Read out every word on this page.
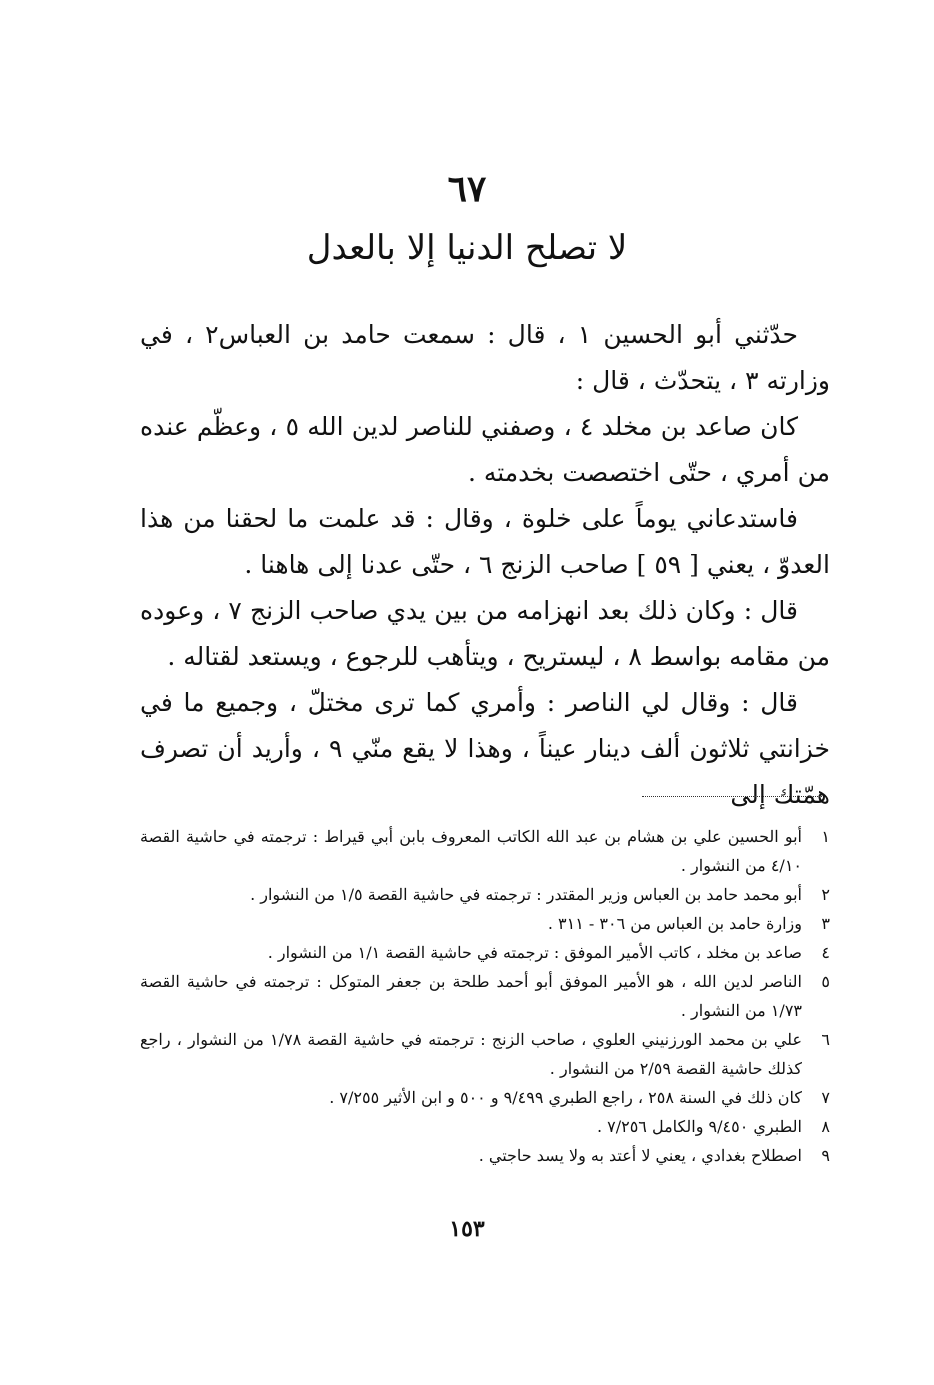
٦٧
لا تصلح الدنيا إلا بالعدل

حدّثني أبو الحسين ١ ، قال : سمعت حامد بن العباس٢ ، في وزارته ٣ ، يتحدّث ، قال :

كان صاعد بن مخلد ٤ ، وصفني للناصر لدين الله ٥ ، وعظّم عنده من أمري ، حتّى اختصصت بخدمته .

فاستدعاني يوماً على خلوة ، وقال : قد علمت ما لحقنا من هذا العدوّ ، يعني [ ٥٩ ] صاحب الزنج ٦ ، حتّى عدنا إلى هاهنا .

قال : وكان ذلك بعد انهزامه من بين يدي صاحب الزنج ٧ ، وعوده من مقامه بواسط ٨ ، ليستريح ، ويتأهب للرجوع ، ويستعد لقتاله .

قال : وقال لي الناصر : وأمري كما ترى مختلّ ، وجميع ما في خزانتي ثلاثون ألف دينار عيناً ، وهذا لا يقع منّي ٩ ، وأريد أن تصرف همّتك إلى

١
أبو الحسين علي بن هشام بن عبد الله الكاتب المعروف بابن أبي قيراط : ترجمته في حاشية القصة ٤/١٠ من النشوار .
٢
أبو محمد حامد بن العباس وزير المقتدر : ترجمته في حاشية القصة ١/٥ من النشوار .
٣
وزارة حامد بن العباس من ٣٠٦ - ٣١١ .
٤
صاعد بن مخلد ، كاتب الأمير الموفق : ترجمته في حاشية القصة ١/١ من النشوار .
٥
الناصر لدين الله ، هو الأمير الموفق أبو أحمد طلحة بن جعفر المتوكل : ترجمته في حاشية القصة ١/٧٣ من النشوار .
٦
علي بن محمد الورزنيني العلوي ، صاحب الزنج : ترجمته في حاشية القصة ١/٧٨ من النشوار ، راجع كذلك حاشية القصة ٢/٥٩ من النشوار .
٧
كان ذلك في السنة ٢٥٨ ، راجع الطبري ٩/٤٩٩ و ٥٠٠ و ابن الأثير ٧/٢٥٥ .
٨
الطبري ٩/٤٥٠ والكامل ٧/٢٥٦ .
٩
اصطلاح بغدادي ، يعني لا أعتد به ولا يسد حاجتي .
١٥٣
